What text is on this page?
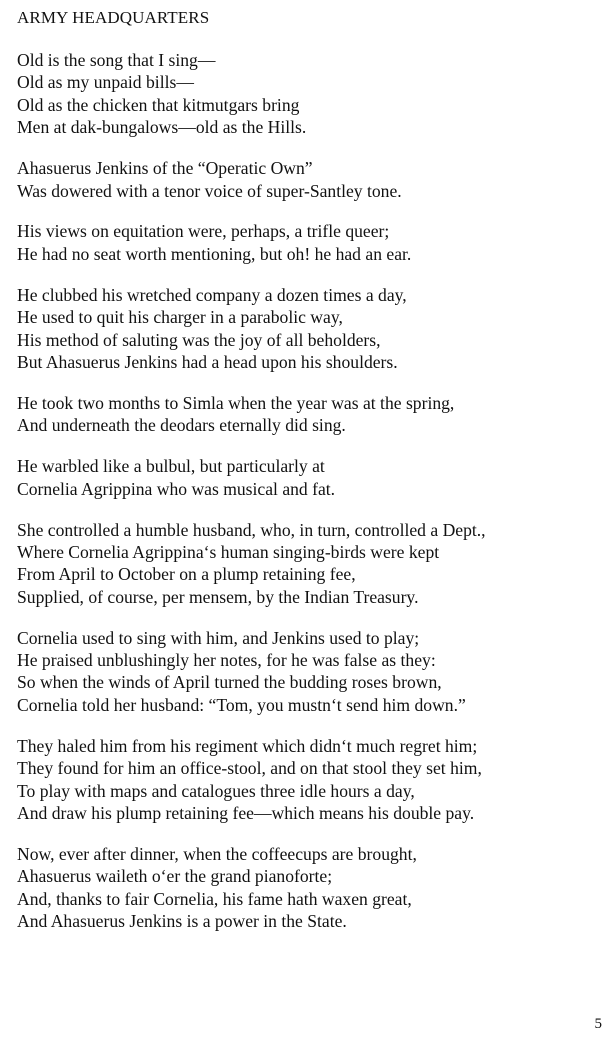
ARMY HEADQUARTERS
Old is the song that I sing—
Old as my unpaid bills—
Old as the chicken that kitmutgars bring
Men at dak-bungalows—old as the Hills.
Ahasuerus Jenkins of the “Operatic Own”
Was dowered with a tenor voice of super-Santley tone.
His views on equitation were, perhaps, a trifle queer;
He had no seat worth mentioning, but oh! he had an ear.
He clubbed his wretched company a dozen times a day,
He used to quit his charger in a parabolic way,
His method of saluting was the joy of all beholders,
But Ahasuerus Jenkins had a head upon his shoulders.
He took two months to Simla when the year was at the spring,
And underneath the deodars eternally did sing.
He warbled like a bulbul, but particularly at
Cornelia Agrippina who was musical and fat.
She controlled a humble husband, who, in turn, controlled a Dept.,
Where Cornelia Agrippina‘s human singing-birds were kept
From April to October on a plump retaining fee,
Supplied, of course, per mensem, by the Indian Treasury.
Cornelia used to sing with him, and Jenkins used to play;
He praised unblushingly her notes, for he was false as they:
So when the winds of April turned the budding roses brown,
Cornelia told her husband: “Tom, you mustn‘t send him down.”
They haled him from his regiment which didn‘t much regret him;
They found for him an office-stool, and on that stool they set him,
To play with maps and catalogues three idle hours a day,
And draw his plump retaining fee—which means his double pay.
Now, ever after dinner, when the coffeecups are brought,
Ahasuerus waileth o‘er the grand pianoforte;
And, thanks to fair Cornelia, his fame hath waxen great,
And Ahasuerus Jenkins is a power in the State.
5
